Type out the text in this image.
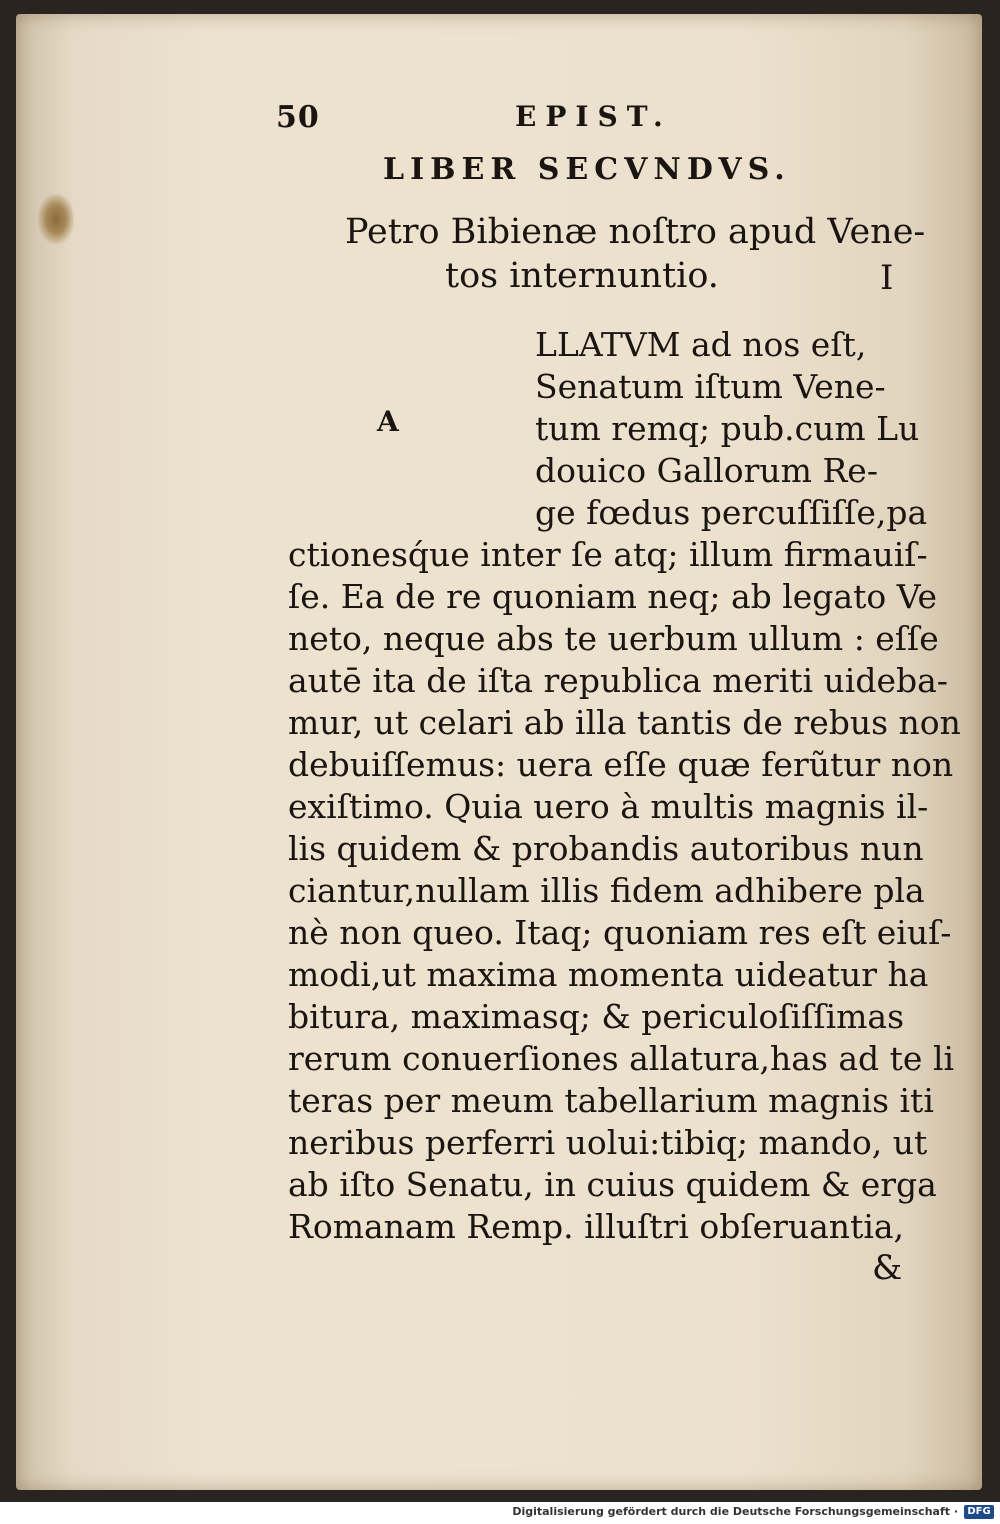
50	EPIST.
LIBER SECVNDVS.
Petro Bibienæ noſtro apud Vene-
tos internuntio.	I
A
LLATVM ad nos eſt,
Senatum iſtum Vene-
tum remq; pub.cum Lu
douico Gallorum Re-
ge fœdus percuſſiſſe,pa
ctionesq́ue inter ſe atq; illum firmauiſ-
ſe. Ea de re quoniam neq; ab legato Ve
neto, neque abs te uerbum ullum : eſſe
autē ita de iſta republica meriti uideba-
mur, ut celari ab illa tantis de rebus non
debuiſſemus: uera eſſe quæ ferũtur non
exiſtimo. Quia uero à multis magnis il-
lis quidem & probandis autoribus nun
ciantur,nullam illis fidem adhibere pla
nè non queo. Itaq; quoniam res eſt eiuſ-
modi,ut maxima momenta uideatur ha
bitura, maximasq; & periculoſiſſimas
rerum conuerſiones allatura,has ad te li
teras per meum tabellarium magnis iti
neribus perferri uolui:tibiq; mando, ut
ab iſto Senatu, in cuius quidem & erga
Romanam Remp. illuſtri obſeruantia,
&
Digitalisierung gefördert durch die Deutsche Forschungsgemeinschaft · DFG
